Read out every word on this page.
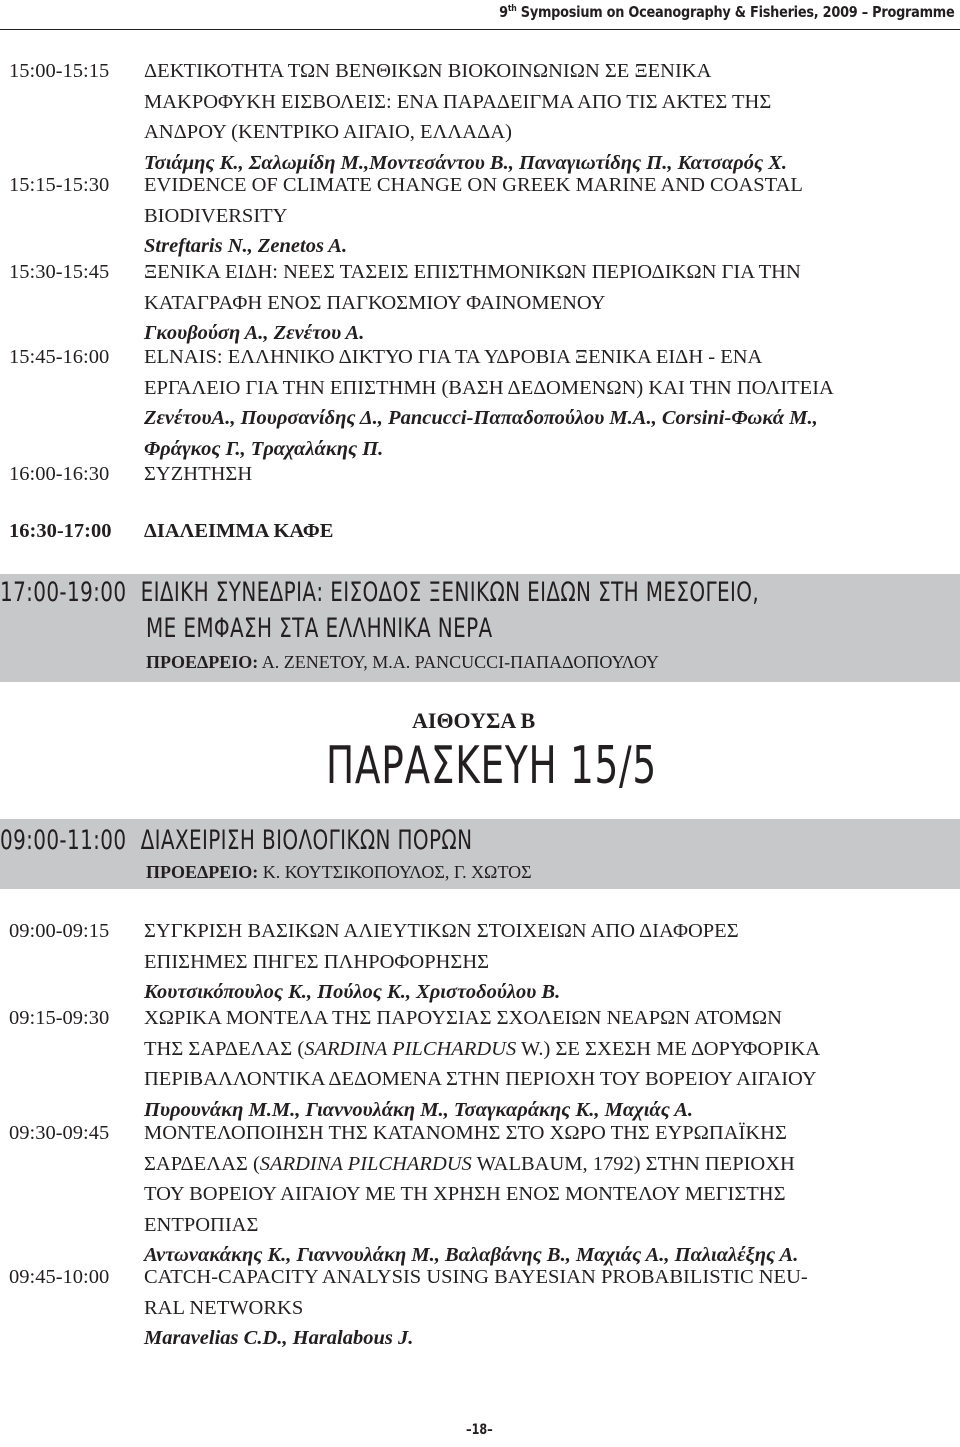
9th Symposium on Oceanography & Fisheries, 2009 – Programme
15:00-15:15 ΔΕΚΤΙΚΟΤΗΤΑ ΤΩΝ ΒΕΝΘΙΚΩΝ ΒΙΟΚΟΙΝΩΝΙΩΝ ΣΕ ΞΕΝΙΚΑ
ΜΑΚΡΟΦΥΚΗ ΕΙΣΒΟΛΕΙΣ: ΕΝΑ ΠΑΡΑΔΕΙΓΜΑ ΑΠΟ ΤΙΣ ΑΚΤΕΣ ΤΗΣ
ΑΝΔΡΟΥ (ΚΕΝΤΡΙΚΟ ΑΙΓΑΙΟ, ΕΛΛΑΔΑ)
Τσιάμης Κ., Σαλωμίδη Μ.,Μοντεσάντου Β., Παναγιωτίδης Π., Κατσαρός Χ.
15:15-15:30 EVIDENCE OF CLIMATE CHANGE ON GREEK MARINE AND COASTAL
BIODIVERSITY
Streftaris N., Zenetos A.
15:30-15:45 ΞΕΝΙΚΑ ΕΙΔΗ: ΝΕΕΣ ΤΑΣΕΙΣ ΕΠΙΣΤΗΜΟΝΙΚΩΝ ΠΕΡΙΟΔΙΚΩΝ ΓΙΑ ΤΗΝ
ΚΑΤΑΓΡΑΦΗ ΕΝΟΣ ΠΑΓΚΟΣΜΙΟΥ ΦΑΙΝΟΜΕΝΟΥ
Γκουβούση Α., Ζενέτου Α.
15:45-16:00 ELNAIS: ΕΛΛΗΝΙΚΟ ΔΙΚΤΥΟ ΓΙΑ ΤΑ ΥΔΡΟΒΙΑ ΞΕΝΙΚΑ ΕΙΔΗ - ΕΝΑ
ΕΡΓΑΛΕΙΟ ΓΙΑ ΤΗΝ ΕΠΙΣΤΗΜΗ (ΒΑΣΗ ΔΕΔΟΜΕΝΩΝ) ΚΑΙ ΤΗΝ ΠΟΛΙΤΕΙΑ
ΖενέτουΑ., Πουρσανίδης Δ., Pancucci-Παπαδοπούλου Μ.Α., Corsini-Φωκά Μ.,
Φράγκος Γ., Τραχαλάκης Π.
16:00-16:30 ΣΥΖΗΤΗΣΗ
16:30-17:00 ΔΙΑΛΕΙΜΜΑ ΚΑΦΕ
17:00-19:00 ΕΙΔΙΚΗ ΣΥΝΕΔΡΙΑ: ΕΙΣΟΔΟΣ ΞΕΝΙΚΩΝ ΕΙΔΩΝ ΣΤΗ ΜΕΣΟΓΕΙΟ,
ΜΕ ΕΜΦΑΣΗ ΣΤΑ ΕΛΛΗΝΙΚΑ ΝΕΡΑ
ΠΡΟΕΔΡΕΙΟ: Α. ΖΕΝΕΤΟΥ, Μ.Α. PANCUCCI-ΠΑΠΑΔΟΠΟΥΛΟΥ
ΑΙΘΟΥΣΑ Β
ΠΑΡΑΣΚΕΥΗ 15/5
09:00-11:00 ΔΙΑΧΕΙΡΙΣΗ ΒΙΟΛΟΓΙΚΩΝ ΠΟΡΩΝ
ΠΡΟΕΔΡΕΙΟ: Κ. ΚΟΥΤΣΙΚΟΠΟΥΛΟΣ, Γ. ΧΩΤΟΣ
09:00-09:15 ΣΥΓΚΡΙΣΗ ΒΑΣΙΚΩΝ ΑΛΙΕΥΤΙΚΩΝ ΣΤΟΙΧΕΙΩΝ ΑΠΟ ΔΙΑΦΟΡΕΣ
ΕΠΙΣΗΜΕΣ ΠΗΓΕΣ ΠΛΗΡΟΦΟΡΗΣΗΣ
Κουτσικόπουλος Κ., Πούλος Κ., Χριστοδούλου Β.
09:15-09:30 ΧΩΡΙΚΑ ΜΟΝΤΕΛΑ ΤΗΣ ΠΑΡΟΥΣΙΑΣ ΣΧΟΛΕΙΩΝ ΝΕΑΡΩΝ ΑΤΟΜΩΝ
ΤΗΣ ΣΑΡΔΕΛΑΣ (SARDINA PILCHARDUS W.) ΣΕ ΣΧΕΣΗ ΜΕ ΔΟΡΥΦΟΡΙΚΑ
ΠΕΡΙΒΑΛΛΟΝΤΙΚΑ ΔΕΔΟΜΕΝΑ ΣΤΗΝ ΠΕΡΙΟΧΗ ΤΟΥ ΒΟΡΕΙΟΥ ΑΙΓΑΙΟΥ
Πυρουνάκη Μ.Μ., Γιαννουλάκη Μ., Τσαγκαράκης Κ., Μαχιάς Α.
09:30-09:45 ΜΟΝΤΕΛΟΠΟΙΗΣΗ ΤΗΣ ΚΑΤΑΝΟΜΗΣ ΣΤΟ ΧΩΡΟ ΤΗΣ ΕΥΡΩΠΑΪΚΗΣ
ΣΑΡΔΕΛΑΣ (SARDINA PILCHARDUS WALBAUM, 1792) ΣΤΗΝ ΠΕΡΙΟΧΗ
ΤΟΥ ΒΟΡΕΙΟΥ ΑΙΓΑΙΟΥ ΜΕ ΤΗ ΧΡΗΣΗ ΕΝΟΣ ΜΟΝΤΕΛΟΥ ΜΕΓΙΣΤΗΣ
ΕΝΤΡΟΠΙΑΣ
Αντωνακάκης Κ., Γιαννουλάκη Μ., Βαλαβάνης Β., Μαχιάς Α., Παλιαλέξης Α.
09:45-10:00 CATCH-CAPACITY ANALYSIS USING BAYESIAN PROBABILISTIC NEU-
RAL NETWORKS
Maravelias C.D., Haralabous J.
–18–
